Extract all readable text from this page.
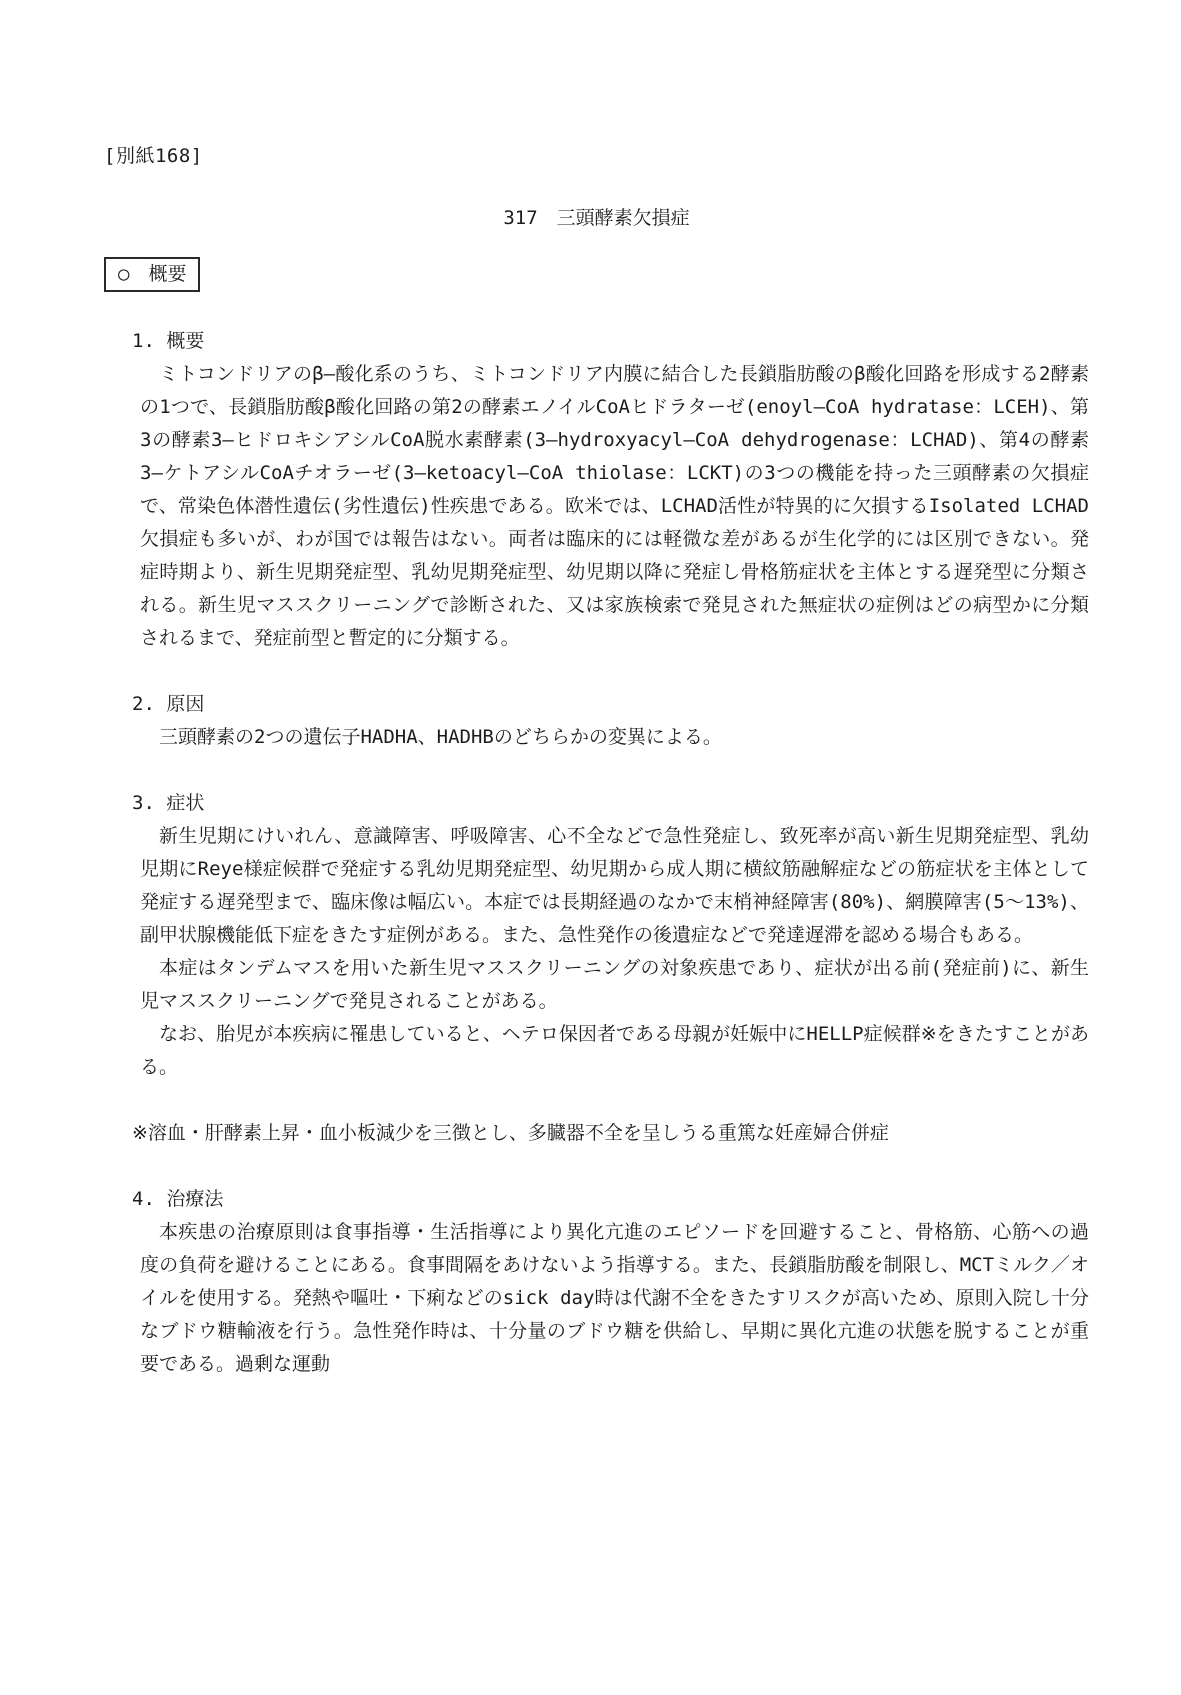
[別紙168]
317　三頭酵素欠損症
○　概要
1. 概要

ミトコンドリアのβ―酸化系のうち、ミトコンドリア内膜に結合した長鎖脂肪酸のβ酸化回路を形成する2酵素の1つで、長鎖脂肪酸β酸化回路の第2の酵素エノイルCoAヒドラターゼ(enoyl―CoA hydratase：LCEH)、第3の酵素3―ヒドロキシアシルCoA脱水素酵素(3―hydroxyacyl―CoA dehydrogenase：LCHAD)、第4の酵素3―ケトアシルCoAチオラーゼ(3―ketoacyl―CoA thiolase：LCKT)の3つの機能を持った三頭酵素の欠損症で、常染色体潜性遺伝(劣性遺伝)性疾患である。欧米では、LCHAD活性が特異的に欠損するIsolated LCHAD欠損症も多いが、わが国では報告はない。両者は臨床的には軽微な差があるが生化学的には区別できない。発症時期より、新生児期発症型、乳幼児期発症型、幼児期以降に発症し骨格筋症状を主体とする遅発型に分類される。新生児マススクリーニングで診断された、又は家族検索で発見された無症状の症例はどの病型かに分類されるまで、発症前型と暫定的に分類する。

2. 原因

三頭酵素の2つの遺伝子HADHA、HADHBのどちらかの変異による。

3. 症状

新生児期にけいれん、意識障害、呼吸障害、心不全などで急性発症し、致死率が高い新生児期発症型、乳幼児期にReye様症候群で発症する乳幼児期発症型、幼児期から成人期に横紋筋融解症などの筋症状を主体として発症する遅発型まで、臨床像は幅広い。本症では長期経過のなかで末梢神経障害(80%)、網膜障害(5～13%)、副甲状腺機能低下症をきたす症例がある。また、急性発作の後遺症などで発達遅滞を認める場合もある。

本症はタンデムマスを用いた新生児マススクリーニングの対象疾患であり、症状が出る前(発症前)に、新生児マススクリーニングで発見されることがある。

なお、胎児が本疾病に罹患していると、ヘテロ保因者である母親が妊娠中にHELLP症候群※をきたすことがある。

※溶血・肝酵素上昇・血小板減少を三徴とし、多臓器不全を呈しうる重篤な妊産婦合併症

4. 治療法

本疾患の治療原則は食事指導・生活指導により異化亢進のエピソードを回避すること、骨格筋、心筋への過度の負荷を避けることにある。食事間隔をあけないよう指導する。また、長鎖脂肪酸を制限し、MCTミルク／オイルを使用する。発熱や嘔吐・下痢などのsick day時は代謝不全をきたすリスクが高いため、原則入院し十分なブドウ糖輸液を行う。急性発作時は、十分量のブドウ糖を供給し、早期に異化亢進の状態を脱することが重要である。過剰な運動
